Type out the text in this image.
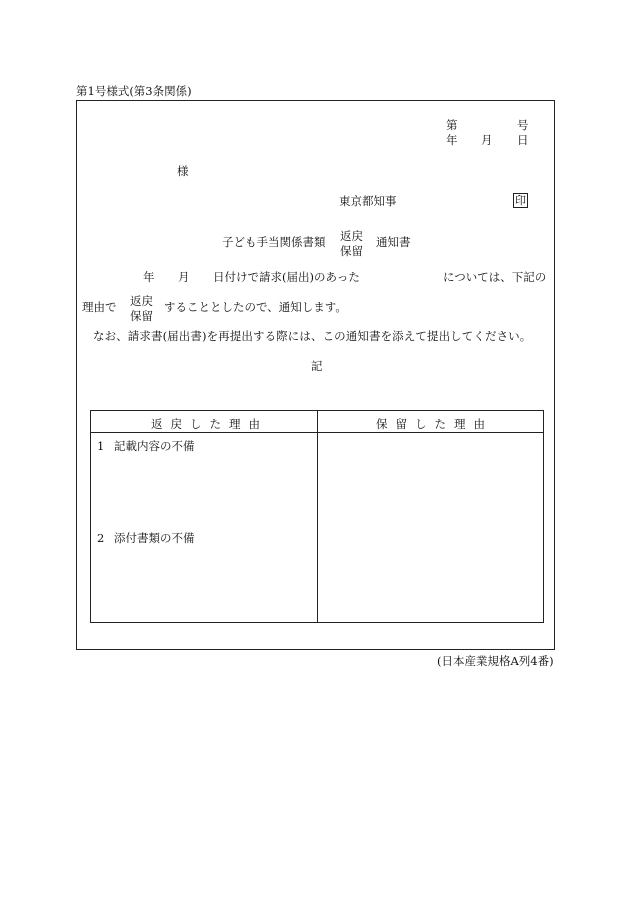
第1号様式(第3条関係)
第	号
年 月 日
様
東京都知事	印
子ども手当関係書類 返戻
保留
通知書
年 月 日付けで請求(届出)のあった	については、下記の
理由で 返戻
保留
することとしたので、通知します。
なお、請求書(届出書)を再提出する際には、この通知書を添えて提出してください。
記
返戻した理由	保留した理由
1 記載内容の不備
2 添付書類の不備
(日本産業規格A列4番)
